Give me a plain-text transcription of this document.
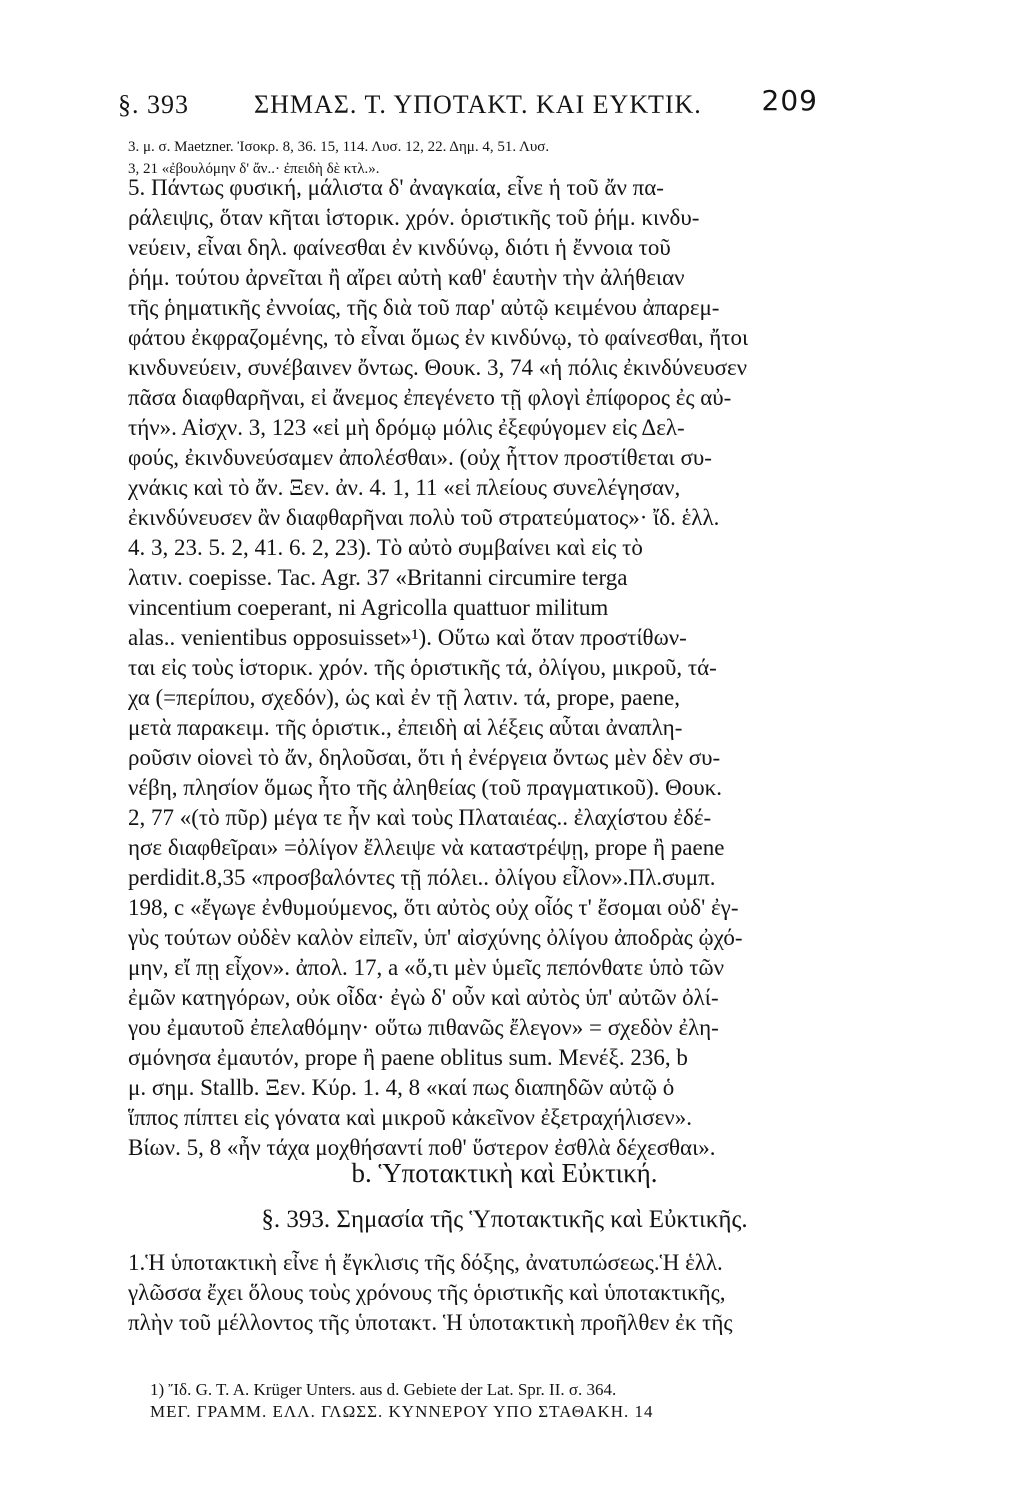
§. 393	ΣΗΜΑΣ. Τ. ΥΠΟΤΑΚΤ. ΚΑΙ ΕΥΚΤΙΚ. 209
3. μ. σ. Maetzner. Ἰσοκρ. 8, 36. 15, 114. Λυσ. 12, 22. Δημ. 4, 51. Λυσ.
3, 21 «ἐβουλόμην δ' ἄν..· ἐπειδὴ δὲ κτλ.».
5. Πάντως φυσική, μάλιστα δ' ἀναγκαία, εἶνε ἡ τοῦ ἄν πα-
ράλειψις, ὅταν κῆται ἱστορικ. χρόν. ὁριστικῆς τοῦ ῥήμ. κινδυ-
νεύειν, εἶναι δηλ. φαίνεσθαι ἐν κινδύνῳ, διότι ἡ ἔννοια τοῦ
ῥήμ. τούτου ἀρνεῖται ἢ αἴρει αὐτὴ καθ' ἑαυτὴν τὴν ἀλήθειαν
τῆς ῥηματικῆς ἐννοίας, τῆς διὰ τοῦ παρ' αὐτῷ κειμένου ἀπαρεμ-
φάτου ἐκφραζομένης, τὸ εἶναι ὅμως ἐν κινδύνῳ, τὸ φαίνεσθαι, ἤτοι
κινδυνεύειν, συνέβαινεν ὄντως. Θουκ. 3, 74 «ἡ πόλις ἐκινδύνευσεν
πᾶσα διαφθαρῆναι, εἰ ἄνεμος ἐπεγένετο τῇ φλογὶ ἐπίφορος ἐς αὐ-
τήν». Αἰσχν. 3, 123 «εἰ μὴ δρόμῳ μόλις ἐξεφύγομεν εἰς Δελ-
φούς, ἐκινδυνεύσαμεν ἀπολέσθαι». (οὐχ ἧττον προστίθεται συ-
χνάκις καὶ τὸ ἄν. Ξεν. ἀν. 4. 1, 11 «εἰ πλείους συνελέγησαν,
ἐκινδύνευσεν ἂν διαφθαρῆναι πολὺ τοῦ στρατεύματος»· ἴδ. ἑλλ.
4. 3, 23. 5. 2, 41. 6. 2, 23). Τὸ αὐτὸ συμβαίνει καὶ εἰς τὸ
λατιν. coepisse. Tac. Agr. 37 «Britanni circumire terga
vincentium coeperant, ni Agricolla quattuor militum
alas.. venientibus opposuisset»¹). Οὕτω καὶ ὅταν προστίθων-
ται εἰς τοὺς ἱστορικ. χρόν. τῆς ὁριστικῆς τά, ὀλίγου, μικροῦ, τά-
χα (=περίπου, σχεδόν), ὡς καὶ ἐν τῇ λατιν. τά, prope, paene,
μετὰ παρακειμ. τῆς ὁριστικ., ἐπειδὴ αἱ λέξεις αὗται ἀναπλη-
ροῦσιν οἱονεὶ τὸ ἄν, δηλοῦσαι, ὅτι ἡ ἐνέργεια ὄντως μὲν δὲν συ-
νέβη, πλησίον ὅμως ἦτο τῆς ἀληθείας (τοῦ πραγματικοῦ). Θουκ.
2, 77 «(τὸ πῦρ) μέγα τε ἦν καὶ τοὺς Πλαταιέας.. ἐλαχίστου ἐδέ-
ησε διαφθεῖραι» =ὀλίγον ἔλλειψε νὰ καταστρέψῃ, prope ἢ paene
perdidit.8,35 «προσβαλόντες τῇ πόλει.. ὀλίγου εἷλον».Πλ.συμπ.
198, c «ἔγωγε ἐνθυμούμενος, ὅτι αὐτὸς οὐχ οἷός τ' ἔσομαι οὐδ' ἐγ-
γὺς τούτων οὐδὲν καλὸν εἰπεῖν, ὑπ' αἰσχύνης ὀλίγου ἀποδρὰς ᾠχό-
μην, εἴ πῃ εἶχον». ἀπολ. 17, a «ὅ,τι μὲν ὑμεῖς πεπόνθατε ὑπὸ τῶν
ἐμῶν κατηγόρων, οὐκ οἶδα· ἐγὼ δ' οὖν καὶ αὐτὸς ὑπ' αὐτῶν ὀλί-
γου ἐμαυτοῦ ἐπελαθόμην· οὕτω πιθανῶς ἔλεγον» = σχεδὸν ἐλη-
σμόνησα ἐμαυτόν, prope ἢ paene oblitus sum. Μενέξ. 236, b
μ. σημ. Stallb. Ξεν. Κύρ. 1. 4, 8 «καί πως διαπηδῶν αὐτῷ ὁ
ἵππος πίπτει εἰς γόνατα καὶ μικροῦ κἀκεῖνον ἐξετραχήλισεν».
Βίων. 5, 8 «ἦν τάχα μοχθήσαντί ποθ' ὕστερον ἐσθλὰ δέχεσθαι».
b. Ὑποτακτικὴ καὶ Εὐκτική.
§. 393. Σημασία τῆς Ὑποτακτικῆς καὶ Εὐκτικῆς.
1.Ἡ ὑποτακτικὴ εἶνε ἡ ἔγκλισις τῆς δόξης, ἀνατυπώσεως.Ἡ ἑλλ.
γλῶσσα ἔχει ὅλους τοὺς χρόνους τῆς ὁριστικῆς καὶ ὑποτακτικῆς,
πλὴν τοῦ μέλλοντος τῆς ὑποτακτ. Ἡ ὑποτακτικὴ προῆλθεν ἐκ τῆς
1) Ἴδ. G. T. A. Krüger Unters. aus d. Gebiete der Lat. Spr. II. σ. 364.
ΜΕΓ. ΓΡΑΜΜ. ΕΛΛ. ΓΛΩΣΣ. ΚΥΝΝΕΡΟΥ ΥΠΟ ΣΤΑΘΑΚΗ. 14
